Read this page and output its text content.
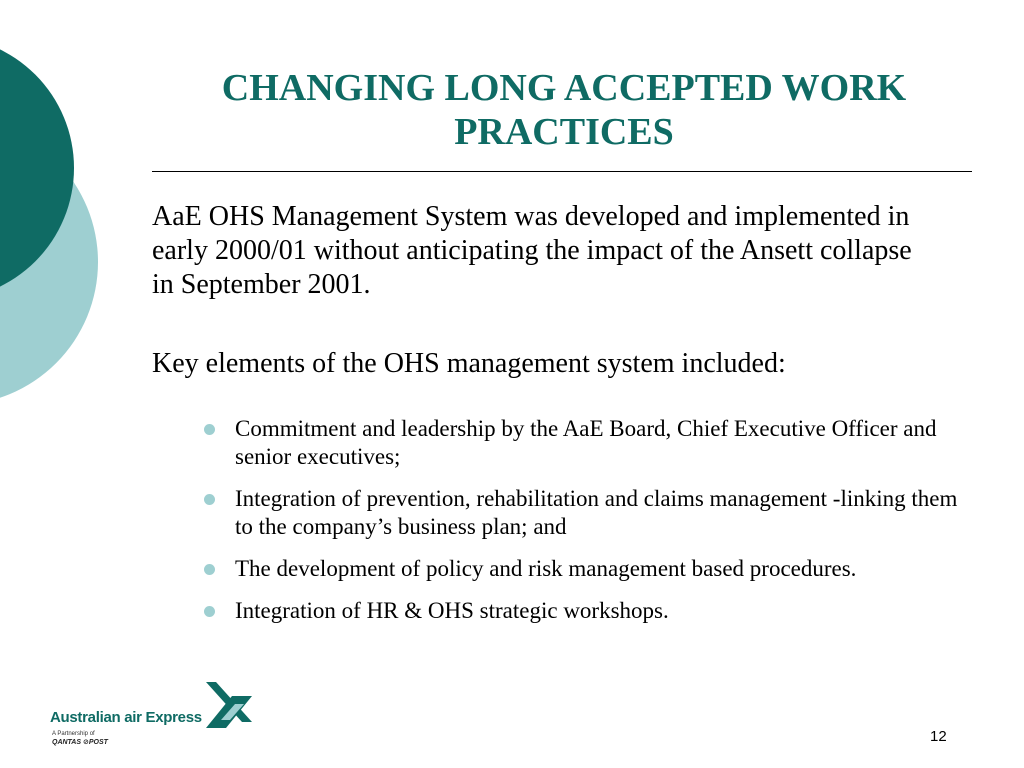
CHANGING LONG ACCEPTED WORK PRACTICES

AaE OHS Management System was developed and implemented in early 2000/01 without anticipating the impact of the Ansett collapse in September 2001.

Key elements of the OHS management system included:

Commitment and leadership by the AaE Board, Chief Executive Officer and senior executives;
Integration of prevention, rehabilitation and claims management -linking them to the company’s business plan; and
The development of policy and risk management based procedures.
Integration of HR & OHS strategic workshops.
Australian air Express
A Partnership of
QANTAS ⊘POST	12
